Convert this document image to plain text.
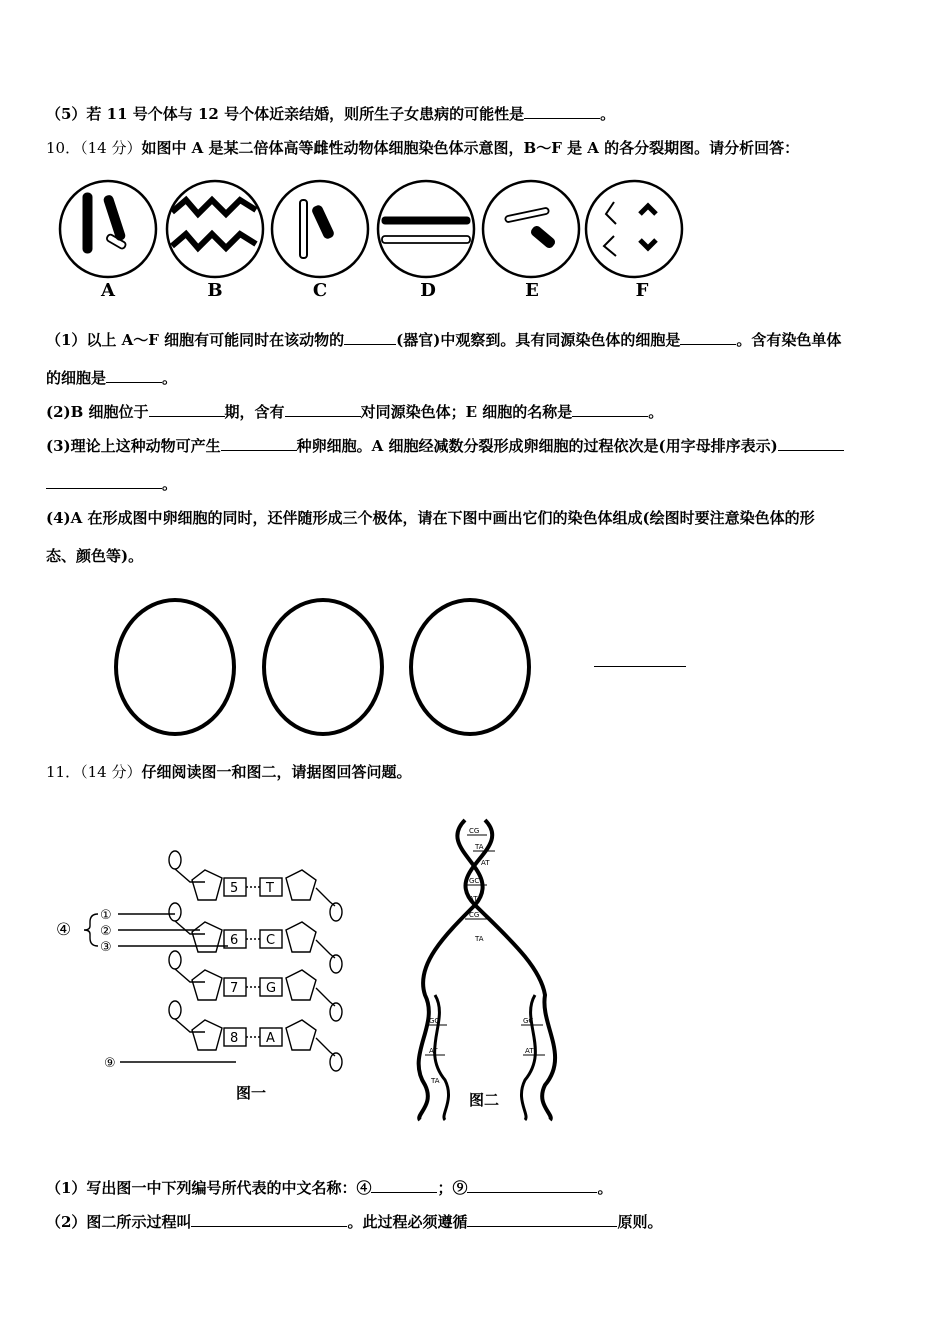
（5）若 11 号个体与 12 号个体近亲结婚，则所生子女患病的可能性是	。
10．（14 分）如图中 A 是某二倍体高等雌性动物体细胞染色体示意图，B～F 是 A 的各分裂期图。请分析回答：
A	B	C	D	E	F
（1）以上 A～F 细胞有可能同时在该动物的	(器官)中观察到。具有同源染色体的细胞是	。含有染色单体
的细胞是	。
(2)B 细胞位于	期，含有	对同源染色体；E 细胞的名称是	。
(3)理论上这种动物可产生	种卵细胞。A 细胞经减数分裂形成卵细胞的过程依次是(用字母排序表示)
。
(4)A 在形成图中卵细胞的同时，还伴随形成三个极体，请在下图中画出它们的染色体组成(绘图时要注意染色体的形
态、颜色等)。
11．（14 分）仔细阅读图一和图二，请据图回答问题。
④
①
②
③
⑨
5
6
7
8
T
C
G
A
图一
CG
TA
AT
GC
AT
CG
TA
GC
AT
TA
GC
AT
图二
（1）写出图一中下列编号所代表的中文名称：④	；⑨	。
（2）图二所示过程叫	。此过程必须遵循	原则。
